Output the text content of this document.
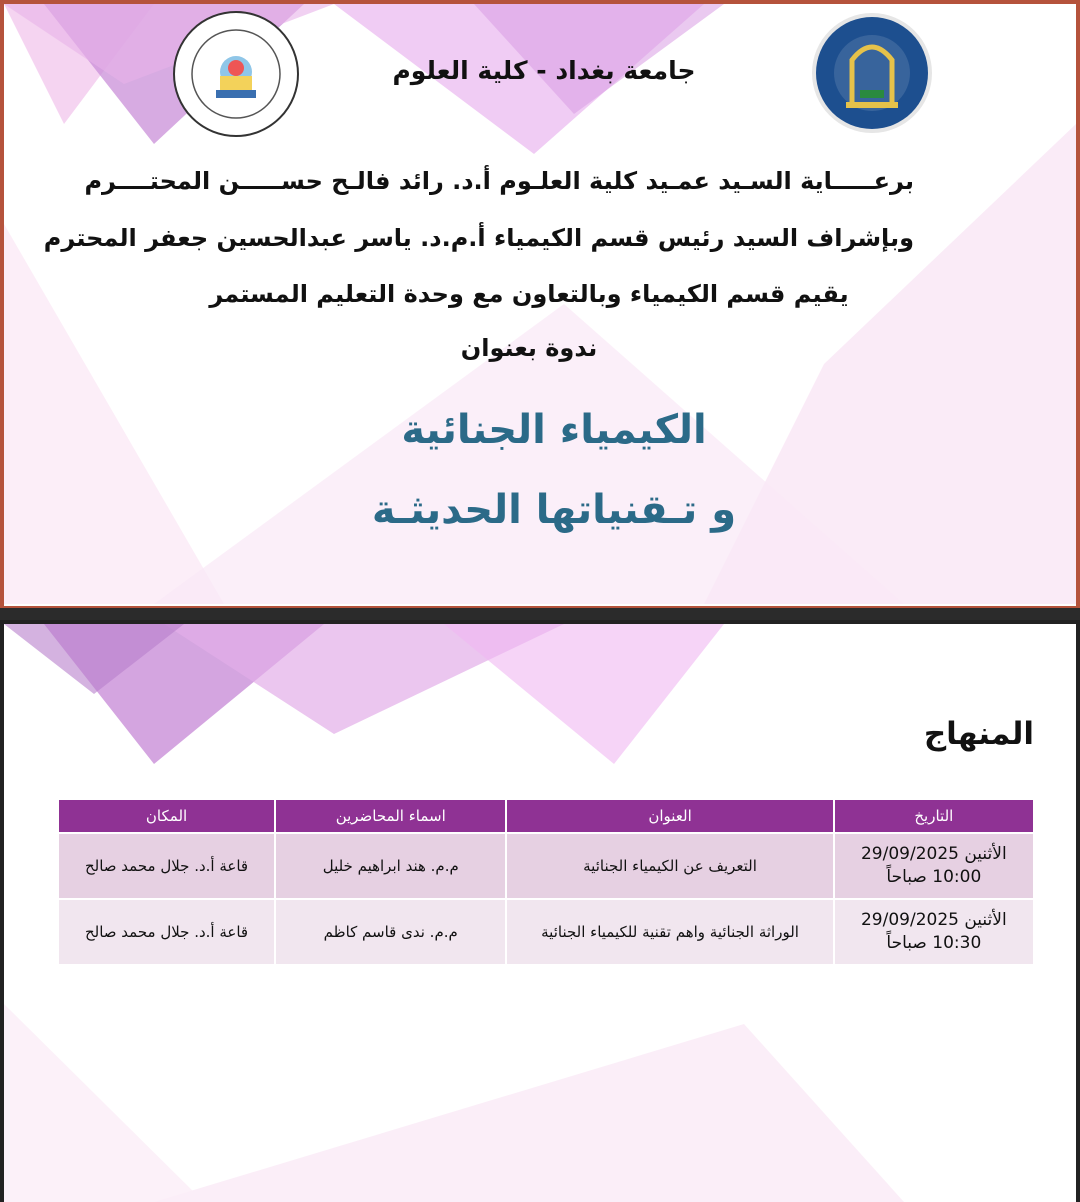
جامعة بغداد - كلية العلوم
برعـــــاية السـيد عمـيد كلية العلـوم أ.د. رائد فالـح حســـــن المحتــــرم
وبإشراف السيد رئيس قسم الكيمياء أ.م.د. ياسر عبدالحسين جعفر المحترم
يقيم قسم الكيمياء وبالتعاون مع وحدة التعليم المستمر
ندوة بعنوان
الكيمياء الجنائية
و تـقنياتها الحديثـة
المنهاج
التاريخ	العنوان	اسماء المحاضرين	المكان

الأثنين 29/09/2025
10:00 صباحاً	التعريف عن الكيمياء الجنائية	م.م. هند ابراهيم خليل	قاعة أ.د. جلال محمد صالح

الأثنين 29/09/2025
10:30 صباحاً	الوراثة الجنائية واهم تقنية للكيمياء الجنائية	م.م. ندى قاسم كاظم	قاعة أ.د. جلال محمد صالح
